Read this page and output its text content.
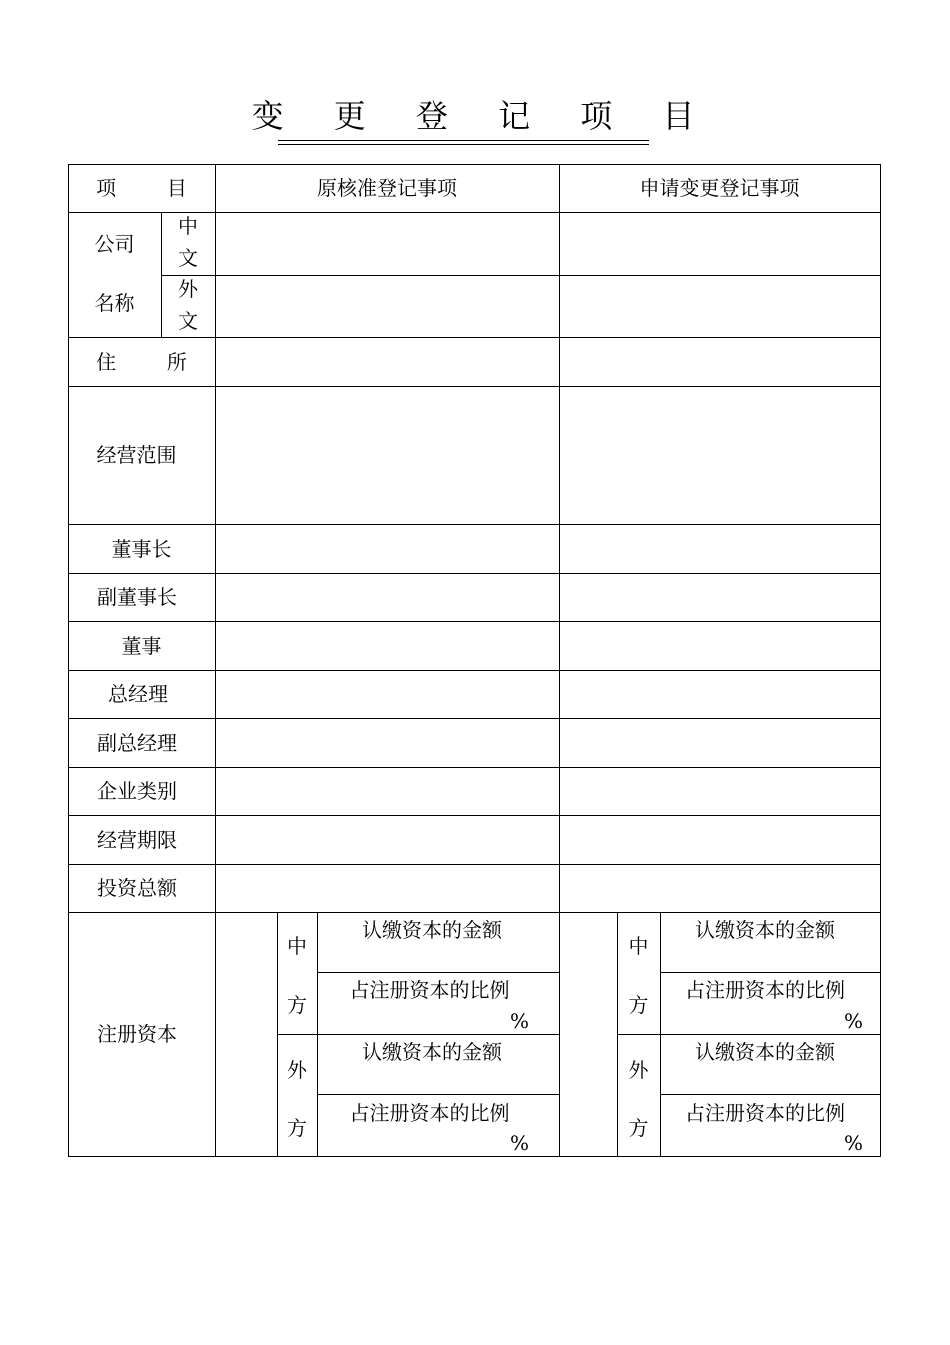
变 更 登 记 项 目
项        目	原核准登记事项	申请变更登记事项
公司
名称
中
文
外
文
住        所
经营范围
董事长
副董事长
董事
总经理
副总经理
企业类别
经营期限
投资总额
注册资本
中
方
外
方
认缴资本的金额
占注册资本的比例
%
认缴资本的金额
占注册资本的比例
%
中
方
外
方
认缴资本的金额
占注册资本的比例
%
认缴资本的金额
占注册资本的比例
%
